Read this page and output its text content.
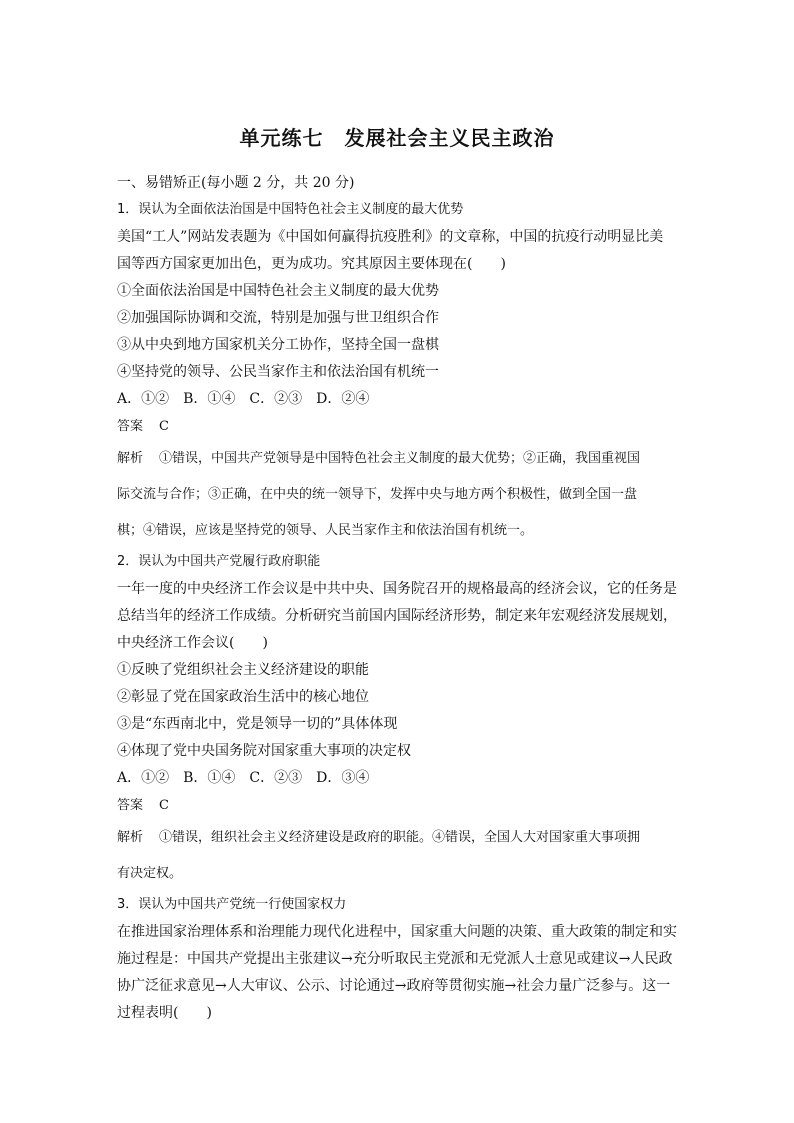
单元练七　发展社会主义民主政治
一、易错矫正(每小题 2 分，共 20 分)
1．误认为全面依法治国是中国特色社会主义制度的最大优势
美国“工人”网站发表题为《中国如何赢得抗疫胜利》的文章称，中国的抗疫行动明显比美
国等西方国家更加出色，更为成功。究其原因主要体现在(　　)
①全面依法治国是中国特色社会主义制度的最大优势
②加强国际协调和交流，特别是加强与世卫组织合作
③从中央到地方国家机关分工协作，坚持全国一盘棋
④坚持党的领导、公民当家作主和依法治国有机统一
A．①②　B．①④　C．②③　D．②④
答案 C
解析 ①错误，中国共产党领导是中国特色社会主义制度的最大优势；②正确，我国重视国
际交流与合作；③正确，在中央的统一领导下，发挥中央与地方两个积极性，做到全国一盘
棋；④错误，应该是坚持党的领导、人民当家作主和依法治国有机统一。
2．误认为中国共产党履行政府职能
一年一度的中央经济工作会议是中共中央、国务院召开的规格最高的经济会议，它的任务是
总结当年的经济工作成绩。分析研究当前国内国际经济形势，制定来年宏观经济发展规划，
中央经济工作会议(　　)
①反映了党组织社会主义经济建设的职能
②彰显了党在国家政治生活中的核心地位
③是“东西南北中，党是领导一切的”具体体现
④体现了党中央国务院对国家重大事项的决定权
A．①②　B．①④　C．②③　D．③④
答案 C
解析 ①错误，组织社会主义经济建设是政府的职能。④错误，全国人大对国家重大事项拥
有决定权。
3．误认为中国共产党统一行使国家权力
在推进国家治理体系和治理能力现代化进程中，国家重大问题的决策、重大政策的制定和实
施过程是：中国共产党提出主张建议→充分听取民主党派和无党派人士意见或建议→人民政
协广泛征求意见→人大审议、公示、讨论通过→政府等贯彻实施→社会力量广泛参与。这一
过程表明(　　)
